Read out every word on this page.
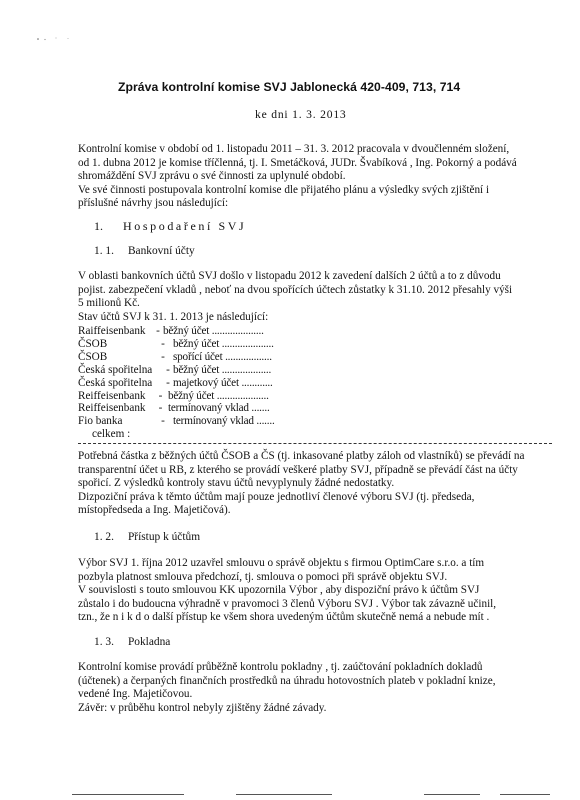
Zpráva kontrolní komise SVJ Jablonecká 420-409, 713, 714
ke dni 1. 3. 2013
Kontrolní komise v období od 1. listopadu 2011 – 31. 3. 2012 pracovala v dvoučlenném složení,
od 1. dubna 2012 je komise tříčlenná, tj. I. Smetáčková, JUDr. Švabíková , Ing. Pokorný a podává
shromáždění SVJ zprávu o své činnosti za uplynulé období.
Ve své činnosti postupovala kontrolní komise dle přijatého plánu a výsledky svých zjištění i
příslušné návrhy jsou následující:
1. Hospodaření SVJ
1. 1. Bankovní účty
V oblasti bankovních účtů SVJ došlo v listopadu 2012 k zavedení dalších 2 účtů a to z důvodu
pojist. zabezpečení vkladů , neboť na dvou spořících účtech zůstatky k 31.10. 2012 přesahly výši
5 milionů Kč.
Stav účtů SVJ k 31. 1. 2013 je následující:
Raiffeisenbank - běžný účet ....................
ČSOB	- běžný účet ....................
ČSOB	- spořící účet ..................
Česká spořitelna	- běžný účet ...................
Česká spořitelna	- majetkový účet ............
Reiffeisenbank	- běžný účet ....................
Reiffeisenbank	- termínovaný vklad .......
Fio banka	- termínovaný vklad .......
celkem :
Potřebná částka z běžných účtů ČSOB a ČS (tj. inkasované platby záloh od vlastníků) se převádí na
transparentní účet u RB, z kterého se provádí veškeré platby SVJ, případně se převádí část na účty
spořicí. Z výsledků kontroly stavu účtů nevyplynuly žádné nedostatky.
Dizpoziční práva k těmto účtům mají pouze jednotliví členové výboru SVJ (tj. předseda,
místopředseda a Ing. Majetičová).
1. 2. Přístup k účtům
Výbor SVJ 1. října 2012 uzavřel smlouvu o správě objektu s firmou OptimCare s.r.o. a tím
pozbyla platnost smlouva předchozí, tj. smlouva o pomoci při správě objektu SVJ.
V souvislosti s touto smlouvou KK upozornila Výbor , aby dispoziční právo k účtům SVJ
zůstalo i do budoucna výhradně v pravomoci 3 členů Výboru SVJ . Výbor tak závazně učinil,
tzn., že n i k d o další přístup ke všem shora uvedeným účtům skutečně nemá a nebude mít .
1. 3. Pokladna
Kontrolní komise provádí průběžně kontrolu pokladny , tj. zaúčtování pokladních dokladů
(účtenek) a čerpaných finančních prostředků na úhradu hotovostních plateb v pokladní knize,
vedené Ing. Majetičovou.
Závěr: v průběhu kontrol nebyly zjištěny žádné závady.
